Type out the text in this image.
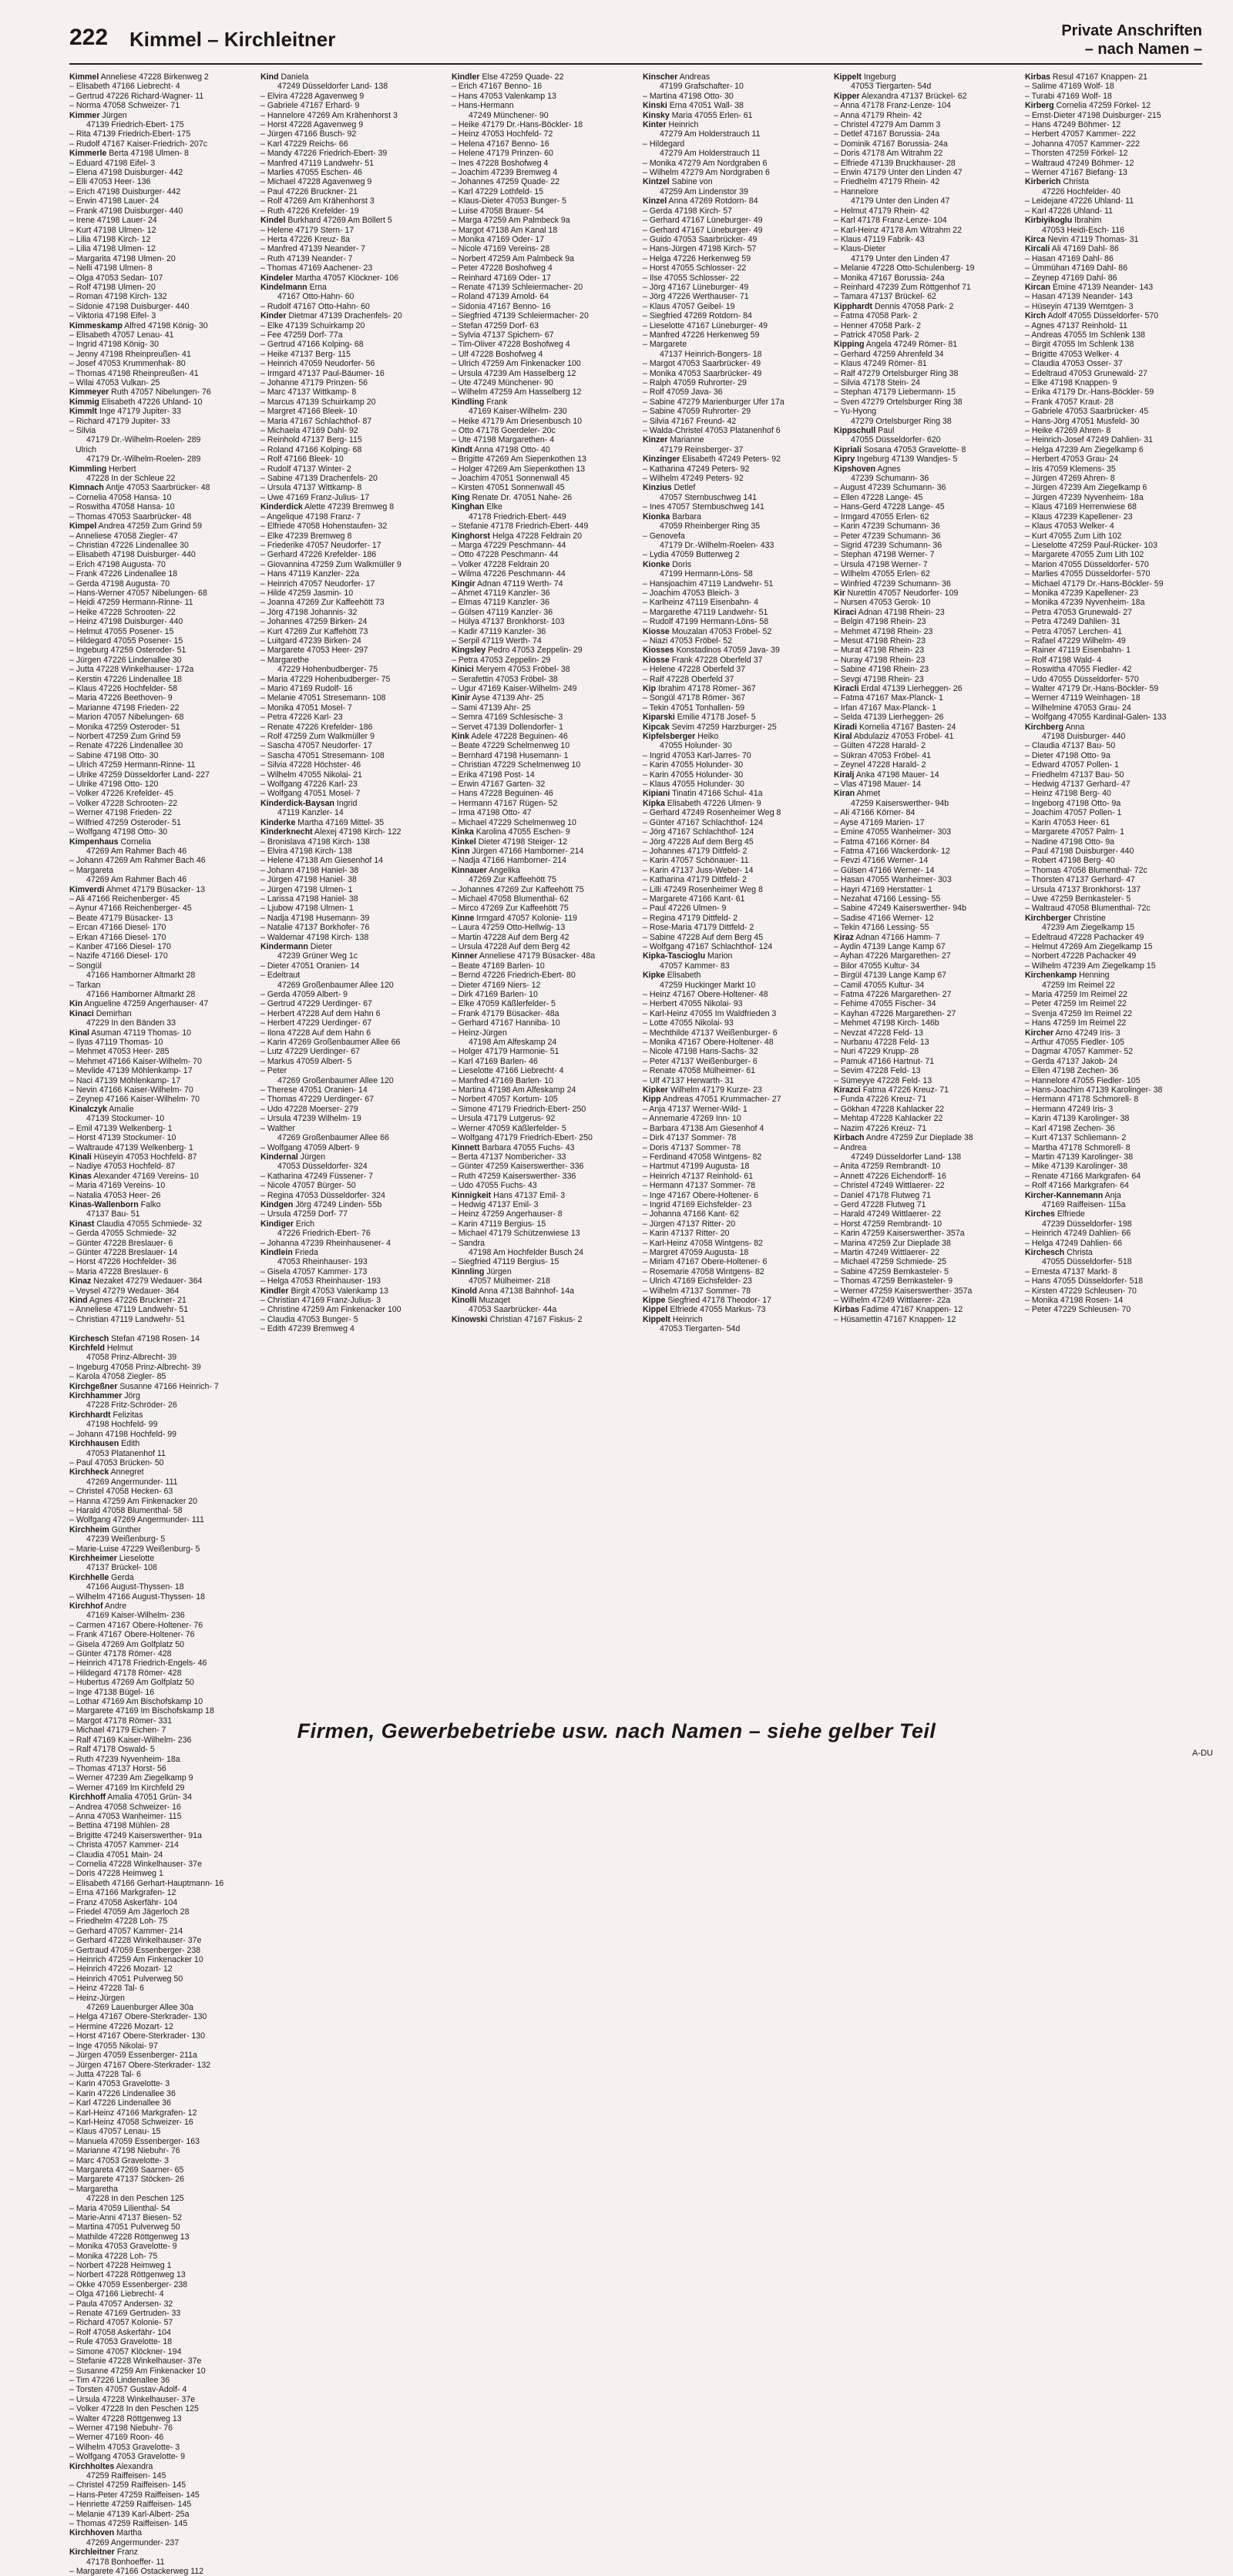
222 Kimmel – Kirchleitner	Private Anschriften
– nach Namen –
Kimmel Anneliese 47228 Birkenweg 2
– Elisabeth 47166 Liebrecht- 4
– Gertrud 47226 Richard-Wagner- 11
– Norma 47058 Schweizer- 71
Kimmer Jürgen
47139 Friedrich-Ebert- 175
– Rita 47139 Friedrich-Ebert- 175
– Rudolf 47167 Kaiser-Friedrich- 207c
Kimmerle Berta 47198 Ulmen- 8
– Eduard 47198 Eifel- 3
– Elena 47198 Duisburger- 442
– Elli 47053 Heer- 136
– Erich 47198 Duisburger- 442
– Erwin 47198 Lauer- 24
– Frank 47198 Duisburger- 440
– Irene 47198 Lauer- 24
– Kurt 47198 Ulmen- 12
– Lilia 47198 Kirch- 12
– Lilia 47198 Ulmen- 12
– Margarita 47198 Ulmen- 20
– Nelli 47198 Ulmen- 8
– Olga 47053 Sedan- 107
– Rolf 47198 Ulmen- 20
– Roman 47198 Kirch- 132
– Sidonie 47198 Duisburger- 440
– Viktoria 47198 Eifel- 3
Kimmeskamp Alfred 47198 König- 30
– Elisabeth 47057 Lenau- 41
– Ingrid 47198 König- 30
– Jenny 47198 Rheinpreußen- 41
– Josef 47053 Krummenhak- 80
– Thomas 47198 Rheinpreußen- 41
– Wilai 47053 Vulkan- 25
Kimmeyer Ruth 47057 Nibelungen- 76
Kimmig Elisabeth 47226 Uhland- 10
Kimmlt Inge 47179 Jupiter- 33
– Richard 47179 Jupiter- 33
– Silvia
47179 Dr.-Wilhelm-Roelen- 289
Ulrich
47179 Dr.-Wilhelm-Roelen- 289
Kimmling Herbert
47228 In der Schleue 22
Kimnach Antje 47053 Saarbrücker- 48
– Cornelia 47058 Hansa- 10
– Roswitha 47058 Hansa- 10
– Thomas 47053 Saarbrücker- 48
Kimpel Andrea 47259 Zum Grind 59
– Anneliese 47058 Ziegler- 47
– Christian 47226 Lindenallee 30
– Elisabeth 47198 Duisburger- 440
– Erich 47198 Augusta- 70
– Frank 47226 Lindenallee 18
– Gerda 47198 Augusta- 70
– Hans-Werner 47057 Nibelungen- 68
– Heidi 47259 Hermann-Rinne- 11
– Heike 47228 Schrooten- 22
– Heinz 47198 Duisburger- 440
– Helmut 47055 Posener- 15
– Hildegard 47055 Posener- 15
– Ingeburg 47259 Osteroder- 51
– Jürgen 47226 Lindenallee 30
– Jutta 47228 Winkelhauser- 172a
– Kerstin 47226 Lindenallee 18
– Klaus 47226 Hochfelder- 58
– Maria 47226 Beethoven- 9
– Marianne 47198 Frieden- 22
– Marion 47057 Nibelungen- 68
– Monika 47259 Osteroder- 51
– Norbert 47259 Zum Grind 59
– Renate 47226 Lindenallee 30
– Sabine 47198 Otto- 30
– Ulrich 47259 Hermann-Rinne- 11
– Ulrike 47259 Düsseldorfer Land- 227
– Ulrike 47198 Otto- 120
– Volker 47226 Krefelder- 45
– Volker 47228 Schrooten- 22
– Werner 47198 Frieden- 22
– Wilfried 47259 Osteroder- 51
– Wolfgang 47198 Otto- 30
Kimpenhaus Cornelia
47269 Am Rahmer Bach 46
– Johann 47269 Am Rahmer Bach 46
– Margareta
47269 Am Rahmer Bach 46
Kimverdi Ahmet 47179 Büsacker- 13
– Ali 47166 Reichenberger- 45
– Aynur 47166 Reichenberger- 45
– Beate 47179 Büsacker- 13
– Ercan 47166 Diesel- 170
– Erkan 47166 Diesel- 170
– Kanber 47166 Diesel- 170
– Nazife 47166 Diesel- 170
– Songül
47166 Hamborner Altmarkt 28
– Tarkan
47166 Hamborner Altmarkt 28
Kin Angueline 47259 Angerhauser- 47
Kinaci Demirhan
47229 In den Bänden 33
Kinal Asuman 47119 Thomas- 10
– Ilyas 47119 Thomas- 10
– Mehmet 47053 Heer- 285
– Mehmet 47166 Kaiser-Wilhelm- 70
– Mevlide 47139 Möhlenkamp- 17
– Naci 47139 Möhlenkamp- 17
– Nevin 47166 Kaiser-Wilhelm- 70
– Zeynep 47166 Kaiser-Wilhelm- 70
Kinalczyk Amalie
47139 Stockumer- 10
– Emil 47139 Welkenberg- 1
– Horst 47139 Stockumer- 10
– Waltraude 47139 Welkenberg- 1
Kinali Hüseyin 47053 Hochfeld- 87
– Nadiye 47053 Hochfeld- 87
Kinas Alexander 47169 Vereins- 10
– Maria 47169 Vereins- 10
– Natalia 47053 Heer- 26
Kinas-Wallenborn Falko
47137 Bau- 51
Kinast Claudia 47055 Schmiede- 32
– Gerda 47055 Schmiede- 32
– Günter 47228 Breslauer- 6
– Günter 47228 Breslauer- 14
– Horst 47226 Hochfelder- 36
– Maria 47228 Breslauer- 6
Kinaz Nezaket 47279 Wedauer- 364
– Veysel 47279 Wedauer- 364
Kind Agnes 47226 Bruckner- 21
– Anneliese 47119 Landwehr- 51
– Christian 47119 Landwehr- 51
Kind Daniela
47249 Düsseldorfer Land- 138
– Elvira 47228 Agavenweg 9
– Gabriele 47167 Erhard- 9
– Hannelore 47269 Am Krähenhorst 3
– Horst 47228 Agavenweg 9
– Jürgen 47166 Busch- 92
– Karl 47229 Reichs- 66
– Mandy 47226 Friedrich-Ebert- 39
– Manfred 47119 Landwehr- 51
– Marlies 47055 Eschen- 46
– Michael 47228 Agavenweg 9
– Paul 47226 Bruckner- 21
– Rolf 47269 Am Krähenhorst 3
– Ruth 47226 Krefelder- 19
Kindel Burkhard 47269 Am Böllert 5
– Helene 47179 Stern- 17
– Herta 47226 Kreuz- 8a
– Manfred 47139 Neander- 7
– Ruth 47139 Neander- 7
– Thomas 47169 Aachener- 23
Kindeler Martha 47057 Klöckner- 106
Kindelmann Erna
47167 Otto-Hahn- 60
– Rudolf 47167 Otto-Hahn- 60
Kinder Dietmar 47139 Drachenfels- 20
– Elke 47139 Schuirkamp 20
– Fee 47259 Dorf- 77a
– Gertrud 47166 Kolping- 68
– Heike 47137 Berg- 115
– Heinrich 47059 Neudorfer- 56
– Irmgard 47137 Paul-Bäumer- 16
– Johanne 47179 Prinzen- 56
– Marc 47137 Wittkamp- 8
– Marcus 47139 Schuirkamp 20
– Margret 47166 Bleek- 10
– Maria 47167 Schlachthof- 87
– Michaela 47169 Dahl- 92
– Reinhold 47137 Berg- 115
– Roland 47166 Kolping- 68
– Rolf 47166 Bleek- 10
– Rudolf 47137 Winter- 2
– Sabine 47139 Drachenfels- 20
– Ursula 47137 Wittkamp- 8
– Uwe 47169 Franz-Julius- 17
Kinderdick Alette 47239 Bremweg 8
– Angelique 47198 Franz- 7
– Elfriede 47058 Hohenstaufen- 32
– Elke 47239 Bremweg 8
– Friederike 47057 Neudorfer- 17
– Gerhard 47226 Krefelder- 186
– Giovannina 47259 Zum Walkmüller 9
– Hans 47119 Kanzler- 22a
– Heinrich 47057 Neudorfer- 17
– Hilde 47259 Jasmin- 10
– Joanna 47269 Zur Kaffeehött 73
– Jörg 47198 Johannis- 32
– Johannes 47259 Birken- 24
– Kurt 47269 Zur Kaffehött 73
– Luitgard 47239 Birken- 24
– Margarete 47053 Heer- 297
– Margarethe
47229 Hohenbudberger- 75
– Maria 47229 Hohenbudberger- 75
– Mario 47169 Rudolf- 16
– Melanie 47051 Stresemann- 108
– Monika 47051 Mosel- 7
– Petra 47226 Karl- 23
– Renate 47226 Krefelder- 186
– Rolf 47259 Zum Walkmüller 9
– Sascha 47057 Neudorfer- 17
– Sascha 47051 Stresemann- 108
– Silvia 47228 Höchster- 46
– Wilhelm 47055 Nikolai- 21
– Wolfgang 47226 Karl- 23
– Wolfgang 47051 Mosel- 7
Kinderdick-Baysan Ingrid
47119 Kanzler- 14
Kinderke Martha 47169 Mittel- 35
Kinderknecht Alexej 47198 Kirch- 122
– Bronislava 47198 Kirch- 138
– Elvira 47198 Kirch- 138
– Helene 47138 Am Giesenhof 14
– Johann 47198 Haniel- 38
– Jürgen 47198 Haniel- 38
– Jürgen 47198 Ulmen- 1
– Larissa 47198 Haniel- 38
– Ljubow 47198 Ulmen- 1
– Nadja 47198 Husemann- 39
– Natalie 47137 Borkhofer- 76
– Waldemar 47198 Kirch- 138
Kindermann Dieter
47239 Grüner Weg 1c
– Dieter 47051 Oranien- 14
– Edeltraut
47269 Großenbaumer Allee 120
– Gerda 47059 Albert- 9
– Gertrud 47229 Uerdinger- 67
– Herbert 47228 Auf dem Hahn 6
– Herbert 47229 Uerdinger- 67
– Ilona 47228 Auf dem Hahn 6
– Karin 47269 Großenbaumer Allee 66
– Lutz 47229 Uerdinger- 67
– Markus 47059 Albert- 5
– Peter
47269 Großenbaumer Allee 120
– Therese 47051 Oranien- 14
– Thomas 47229 Uerdinger- 67
– Udo 47228 Moerser- 279
– Ursula 47239 Wilhelm- 19
– Walther
47269 Großenbaumer Allee 66
– Wolfgang 47059 Albert- 9
Kindernal Jürgen
47053 Düsseldorfer- 324
– Katharina 47249 Füssener- 7
– Nicole 47057 Bürger- 50
– Regina 47053 Düsseldorfer- 324
Kindgen Jörg 47249 Linden- 55b
– Ursula 47259 Dorf- 77
Kindiger Erich
47226 Friedrich-Ebert- 76
– Johanna 47239 Rheinhausener- 4
Kindlein Frieda
47053 Rheinhauser- 193
– Gisela 47057 Kammer- 173
– Helga 47053 Rheinhauser- 193
Kindler Birgit 47053 Valenkamp 13
– Christian 47169 Franz-Julius- 3
– Christine 47259 Am Finkenacker 100
– Claudia 47053 Bunger- 5
– Edith 47239 Bremweg 4
Kindler Else 47259 Quade- 22
– Erich 47167 Benno- 16
– Hans 47053 Valenkamp 13
– Hans-Hermann
47249 Münchener- 90
– Heike 47179 Dr.-Hans-Böckler- 18
– Heinz 47053 Hochfeld- 72
– Helena 47167 Benno- 16
– Helene 47179 Prinzen- 60
– Ines 47228 Boshofweg 4
– Joachim 47239 Bremweg 4
– Johannes 47259 Quade- 22
– Karl 47229 Lothfeld- 15
– Klaus-Dieter 47053 Bunger- 5
– Luise 47058 Brauer- 54
– Marga 47259 Am Palmbeck 9a
– Margot 47138 Am Kanal 18
– Monika 47169 Oder- 17
– Nicole 47169 Vereins- 28
– Norbert 47259 Am Palmbeck 9a
– Peter 47228 Boshofweg 4
– Reinhard 47169 Oder- 17
– Renate 47139 Schleiermacher- 20
– Roland 47139 Arnold- 64
– Sidonia 47167 Benno- 16
– Siegfried 47139 Schleiermacher- 20
– Stefan 47259 Dorf- 63
– Sylvia 47137 Spichern- 67
– Tim-Oliver 47228 Boshofweg 4
– Ulf 47228 Boshofweg 4
– Ulrich 47259 Am Finkenacker 100
– Ursula 47239 Am Hasselberg 12
– Ute 47249 Münchener- 90
– Wilhelm 47259 Am Hasselberg 12
Kindling Frank
47169 Kaiser-Wilhelm- 230
– Heike 47179 Am Driesenbusch 10
– Otto 47178 Goerdeler- 20c
– Ute 47198 Margarethen- 4
Kindt Anna 47198 Otto- 40
– Brigitte 47269 Am Siepenkothen 13
– Holger 47269 Am Siepenkothen 13
– Joachim 47051 Sonnenwall 45
– Kirsten 47051 Sonnenwall 45
King Renate Dr. 47051 Nahe- 26
Kinghan Elke
47178 Friedrich-Ebert- 449
– Stefanie 47178 Friedrich-Ebert- 449
Kinghorst Helga 47228 Feldrain 20
– Marga 47229 Peschmann- 44
– Otto 47228 Peschmann- 44
– Volker 47228 Feldrain 20
– Wilma 47226 Peschmann- 44
Kingir Adnan 47119 Werth- 74
– Ahmet 47119 Kanzler- 36
– Elmas 47119 Kanzler- 36
– Gülsen 47119 Kanzler- 36
– Hülya 47137 Bronkhorst- 103
– Kadir 47119 Kanzler- 36
– Serpil 47119 Werth- 74
Kingsley Pedro 47053 Zeppelin- 29
– Petra 47053 Zeppelin- 29
Kinici Meryem 47053 Fröbel- 38
– Serafettin 47053 Fröbel- 38
– Ugur 47169 Kaiser-Wilhelm- 249
Kinir Ayse 47139 Ahr- 25
– Sami 47139 Ahr- 25
– Semra 47169 Schlesische- 3
– Servet 47139 Dollendorfer- 1
Kink Adele 47228 Beguinen- 46
– Beate 47229 Schelmenweg 10
– Bernhard 47198 Husemann- 1
– Christian 47229 Schelmenweg 10
– Erika 47198 Post- 14
– Erwin 47167 Garten- 32
– Hans 47228 Beguinen- 46
– Hermann 47167 Rügen- 52
– Irma 47198 Otto- 47
– Michael 47229 Schelmenweg 10
Kinka Karolina 47055 Eschen- 9
Kinkel Dieter 47198 Steiger- 12
Kinn Jürgen 47166 Hamborner- 214
– Nadja 47166 Hamborner- 214
Kinnauer Angelika
47269 Zur Kaffeehött 75
– Johannes 47269 Zur Kaffeehött 75
– Michael 47058 Blumenthal- 62
– Mirco 47269 Zur Kaffeehött 75
Kinne Irmgard 47057 Kolonie- 119
– Laura 47259 Otto-Hellwig- 13
– Martin 47228 Auf dem Berg 42
– Ursula 47228 Auf dem Berg 42
Kinner Anneliese 47179 Büsacker- 48a
– Beate 47169 Barlen- 10
– Bernd 47226 Friedrich-Ebert- 80
– Dieter 47169 Niers- 12
– Dirk 47169 Barlen- 10
– Elke 47059 Käßlerfelder- 5
– Frank 47179 Büsacker- 48a
– Gerhard 47167 Hanniba- 10
– Heinz-Jürgen
47198 Am Alfeskamp 24
– Holger 47179 Harmonie- 51
– Karl 47169 Barlen- 46
– Lieselotte 47166 Liebrecht- 4
– Manfred 47169 Barlen- 10
– Martina 47198 Am Alfeskamp 24
– Norbert 47057 Kortum- 105
– Simone 47179 Friedrich-Ebert- 250
– Ursula 47179 Lutgerus- 92
– Werner 47059 Käßlerfelder- 5
– Wolfgang 47179 Friedrich-Ebert- 250
Kinnett Barbara 47055 Fuchs- 43
– Berta 47137 Nombericher- 33
– Günter 47259 Kaiserswerther- 336
– Ruth 47259 Kaiserswerther- 336
– Udo 47055 Fuchs- 43
Kinnigkeit Hans 47137 Emil- 3
– Hedwig 47137 Emil- 3
– Heinz 47259 Angerhauser- 8
– Karin 47119 Bergius- 15
– Michael 47179 Schützenwiese 13
– Sandra
47198 Am Hochfelder Busch 24
– Siegfried 47119 Bergius- 15
Kinnling Jürgen
47057 Mülheimer- 218
Kinold Anna 47138 Bahnhof- 14a
Kinolli Muzaqet
47053 Saarbrücker- 44a
Kinowski Christian 47167 Fiskus- 2
Kinscher Andreas
47199 Grafschafter- 10
– Martina 47198 Otto- 30
Kinski Erna 47051 Wall- 38
Kinsky Maria 47055 Erlen- 61
Kinter Heinrich
47279 Am Holderstrauch 11
– Hildegard
47279 Am Holderstrauch 11
– Monika 47279 Am Nordgraben 6
– Wilhelm 47279 Am Nordgraben 6
Kintzel Sabine von
47259 Am Lindenstor 39
Kinzel Anna 47269 Rotdorn- 84
– Gerda 47198 Kirch- 57
– Gerhard 47167 Lüneburger- 49
– Gerhard 47167 Lüneburger- 49
– Guido 47053 Saarbrücker- 49
– Hans-Jürgen 47198 Kirch- 57
– Helga 47226 Herkenweg 59
– Horst 47055 Schlosser- 22
– Ilse 47055 Schlosser- 22
– Jörg 47167 Lüneburger- 49
– Jörg 47226 Werthauser- 71
– Klaus 47057 Geibel- 19
– Siegfried 47269 Rotdorn- 84
– Lieselotte 47167 Lüneburger- 49
– Manfred 47226 Herkenweg 59
– Margarete
47137 Heinrich-Bongers- 18
– Margot 47053 Saarbrücker- 49
– Monika 47053 Saarbrücker- 49
– Ralph 47059 Ruhrorter- 29
– Rolf 47059 Java- 36
– Sabine 47279 Marienburger Ufer 17a
– Sabine 47059 Ruhrorter- 29
– Silvia 47167 Freund- 42
– Walda-Christel 47053 Platanenhof 6
Kinzer Marianne
47179 Reinsberger- 37
Kinzinger Elisabeth 47249 Peters- 92
– Katharina 47249 Peters- 92
– Wilhelm 47249 Peters- 92
Kinzius Detlef
47057 Sternbuschweg 141
– Ines 47057 Sternbuschweg 141
Kionka Barbara
47059 Rheinberger Ring 35
– Genovefa
47179 Dr.-Wilhelm-Roelen- 433
– Lydia 47059 Butterweg 2
Kionke Doris
47199 Hermann-Löns- 58
– Hansjoachim 47119 Landwehr- 51
– Joachim 47053 Bleich- 3
– Karlheinz 47119 Eisenbahn- 4
– Margarethe 47119 Landwehr- 51
– Rudolf 47199 Hermann-Löns- 58
Kiosse Mouzalan 47053 Fröbel- 52
– Niazi 47053 Fröbel- 52
Kiosses Konstadinos 47059 Java- 39
Kiosse Frank 47228 Oberfeld 37
– Helene 47228 Oberfeld 37
– Ralf 47228 Oberfeld 37
Kip Ibrahim 47178 Römer- 367
– Songül 47178 Römer- 367
– Tekin 47051 Tonhallen- 59
Kiparski Emilie 47178 Josef- 5
Kipcak Sevim 47259 Harzburger- 25
Kipfelsberger Heiko
47055 Holunder- 30
– Ingrid 47053 Karl-Jarres- 70
– Karin 47055 Holunder- 30
– Karin 47055 Holunder- 30
– Klaus 47055 Holunder- 30
Kipiani Tinatin 47166 Schul- 41a
Kipka Elisabeth 47226 Ulmen- 9
– Gerhard 47249 Rosenheimer Weg 8
– Günter 47167 Schlachthof- 124
– Jörg 47167 Schlachthof- 124
– Jörg 47228 Auf dem Berg 45
– Johannes 47179 Dittfeld- 2
– Karin 47057 Schönauer- 11
– Karin 47137 Juss-Weber- 14
– Katharina 47179 Dittfeld- 2
– Lilli 47249 Rosenheimer Weg 8
– Margarete 47166 Kant- 61
– Paul 47226 Ulmen- 9
– Regina 47179 Dittfeld- 2
– Rose-Maria 47179 Dittfeld- 2
– Sabine 47228 Auf dem Berg 45
– Wolfgang 47167 Schlachthof- 124
Kipka-Tascioglu Marion
47057 Kammer- 83
Kipke Elisabeth
47259 Huckinger Markt 10
– Heinz 47167 Obere-Holtener- 48
– Herbert 47055 Nikolai- 93
– Karl-Heinz 47055 Im Waldfrieden 3
– Lotte 47055 Nikolai- 93
– Mechthilde 47137 Weißenburger- 6
– Monika 47167 Obere-Holtener- 48
– Nicole 47198 Hans-Sachs- 32
– Peter 47137 Weißenburger- 6
– Renate 47058 Mülheimer- 61
– Ulf 47137 Herwarth- 31
Kipker Wilhelm 47179 Kurze- 23
Kipp Andreas 47051 Krummacher- 27
– Anja 47137 Werner-Wild- 1
– Annemarie 47269 Inn- 10
– Barbara 47138 Am Giesenhof 4
– Dirk 47137 Sommer- 78
– Doris 47137 Sommer- 78
– Ferdinand 47058 Wintgens- 82
– Hartmut 47199 Augusta- 18
– Heinrich 47137 Reinhold- 61
– Hermann 47137 Sommer- 78
– Inge 47167 Obere-Holtener- 6
– Ingrid 47169 Eichsfelder- 23
– Johanna 47166 Kant- 62
– Jürgen 47137 Ritter- 20
– Karin 47137 Ritter- 20
– Karl-Heinz 47058 Wintgens- 82
– Margret 47059 Augusta- 18
– Miriam 47167 Obere-Holtener- 6
– Rosemarie 47058 Wintgens- 82
– Ulrich 47169 Eichsfelder- 23
– Wilhelm 47137 Sommer- 78
Kippe Siegfried 47178 Theodor- 17
Kippel Elfriede 47055 Markus- 73
Kippelt Heinrich
47053 Tiergarten- 54d
Kippelt Ingeburg
47053 Tiergarten- 54d
Kipper Alexandra 47137 Brückel- 62
– Anna 47178 Franz-Lenze- 104
– Anna 47179 Rhein- 42
– Christel 47279 Am Damm 3
– Detlef 47167 Borussia- 24a
– Dominik 47167 Borussia- 24a
– Doris 47178 Am Witrahm 22
– Elfriede 47139 Bruckhauser- 28
– Erwin 47179 Unter den Linden 47
– Friedhelm 47179 Rhein- 42
– Hannelore
47179 Unter den Linden 47
– Helmut 47179 Rhein- 42
– Karl 47178 Franz-Lenze- 104
– Karl-Heinz 47178 Am Witrahm 22
– Klaus 47119 Fabrik- 43
– Klaus-Dieter
47179 Unter den Linden 47
– Melanie 47228 Otto-Schulenberg- 19
– Monika 47167 Borussia- 24a
– Reinhard 47239 Zum Röttgenhof 71
– Tamara 47137 Brückel- 62
Kipphardt Dennis 47058 Park- 2
– Fatma 47058 Park- 2
– Henner 47058 Park- 2
– Patrick 47058 Park- 2
Kipping Angela 47249 Römer- 81
– Gerhard 47259 Ahrenfeld 34
– Klaus 47249 Römer- 81
– Ralf 47279 Ortelsburger Ring 38
– Silvia 47178 Stein- 24
– Stephan 47179 Liebermann- 15
– Sven 47279 Ortelsburger Ring 38
– Yu-Hyong
47279 Ortelsburger Ring 38
Kippschull Paul
47055 Düsseldorfer- 620
Kipriali Sosana 47053 Gravelotte- 8
Kipry Ingeburg 47139 Wandjes- 5
Kipshoven Agnes
47239 Schumann- 36
– August 47239 Schumann- 36
– Ellen 47228 Lange- 45
– Hans-Gerd 47228 Lange- 45
– Irmgard 47055 Erlen- 62
– Karin 47239 Schumann- 36
– Peter 47239 Schumann- 36
– Sigrid 47239 Schumann- 36
– Stephan 47198 Werner- 7
– Ursula 47198 Werner- 7
– Wilhelm 47055 Erlen- 62
– Winfried 47239 Schumann- 36
Kir Nurettin 47057 Neudorfer- 109
– Nursen 47053 Gerok- 10
Kiraci Adnan 47198 Rhein- 23
– Belgin 47198 Rhein- 23
– Mehmet 47198 Rhein- 23
– Mesut 47198 Rhein- 23
– Murat 47198 Rhein- 23
– Nuray 47198 Rhein- 23
– Sabine 47198 Rhein- 23
– Sevgi 47198 Rhein- 23
Kiracli Erdal 47139 Lierheggen- 26
– Fatma 47167 Max-Planck- 1
– Irfan 47167 Max-Planck- 1
– Selda 47139 Lierheggen- 26
Kiradi Kornelia 47167 Basten- 24
Kiral Abdulaziz 47053 Fröbel- 41
– Gülten 47228 Harald- 2
– Sükran 47053 Fröbel- 41
– Zeynel 47228 Harald- 2
Kiralj Anka 47198 Mauer- 14
– Vlas 47198 Mauer- 14
Kiran Ahmet
47259 Kaiserswerther- 94b
– Ali 47166 Körner- 84
– Ayse 47169 Marien- 17
– Emine 47055 Wanheimer- 303
– Fatma 47166 Körner- 84
– Fatma 47166 Wackerdonk- 12
– Fevzi 47166 Werner- 14
– Gülsen 47166 Werner- 14
– Hasan 47055 Wanheimer- 303
– Hayri 47169 Herstatter- 1
– Nezahat 47166 Lessing- 55
– Sabine 47249 Kaiserswerther- 94b
– Sadise 47166 Werner- 12
– Tekin 47166 Lessing- 55
Kiraz Adnan 47166 Hamm- 7
– Aydin 47139 Lange Kamp 67
– Ayhan 47226 Margarethen- 27
– Bilor 47055 Kultur- 34
– Birgül 47139 Lange Kamp 67
– Camil 47055 Kultur- 34
– Fatma 47226 Margarethen- 27
– Fehime 47055 Fischer- 34
– Kayhan 47226 Margarethen- 27
– Mehmet 47198 Kirch- 146b
– Nevzat 47228 Feld- 13
– Nurbanu 47228 Feld- 13
– Nuri 47229 Krupp- 28
– Pamuk 47166 Hartnut- 71
– Sevim 47228 Feld- 13
– Sümeyye 47228 Feld- 13
Kirazci Fatma 47226 Kreuz- 71
– Funda 47226 Kreuz- 71
– Gökhan 47228 Kahlacker 22
– Mehtap 47228 Kahlacker 22
– Nazim 47226 Kreuz- 71
Kirbach Andre 47259 Zur Diepladе 38
– Andrea
47249 Düsseldorfer Land- 138
– Anita 47259 Rembrandt- 10
– Annett 47226 Eichendorff- 16
– Christel 47249 Wittlaerer- 22
– Daniel 47178 Flutweg 71
– Gerd 47228 Flutweg 71
– Harald 47249 Wittlaerer- 22
– Horst 47259 Rembrandt- 10
– Karin 47259 Kaiserswerther- 357a
– Marina 47259 Zur Diepladе 38
– Martin 47249 Wittlaerer- 22
– Michael 47259 Schmiede- 25
– Sabine 47259 Bernkasteler- 5
– Thomas 47259 Bernkasteler- 9
– Werner 47259 Kaiserswerther- 357a
– Wilhelm 47249 Wittlaerer- 22a
Kirbas Fadime 47167 Knappen- 12
– Hüsamettin 47167 Knappen- 12
Kirbas Resul 47167 Knappen- 21
– Salime 47169 Wolf- 18
– Turabi 47169 Wolf- 18
Kirberg Cornelia 47259 Förkel- 12
– Ernst-Dieter 47198 Duisburger- 215
– Hans 47249 Böhmer- 12
– Herbert 47057 Kammer- 222
– Johanna 47057 Kammer- 222
– Thorsten 47259 Förkel- 12
– Waltraud 47249 Böhmer- 12
– Werner 47167 Biefang- 13
Kirberich Christa
47226 Hochfelder- 40
– Leidejane 47226 Uhland- 11
– Karl 47226 Uhland- 11
Kirbiyikoglu Ibrahim
47053 Heidi-Esch- 116
Kirca Nevin 47119 Thomas- 31
Kircali Ali 47169 Dahl- 86
– Hasan 47169 Dahl- 86
– Ümmühan 47169 Dahl- 86
– Zeynep 47169 Dahl- 86
Kircan Emine 47139 Neander- 143
– Hasan 47139 Neander- 143
– Hüseyin 47139 Werntgen- 3
Kirch Adolf 47055 Düsseldorfer- 570
– Agnes 47137 Reinhold- 11
– Andreas 47055 Im Schlenk 138
– Birgit 47055 Im Schlenk 138
– Brigitte 47053 Welker- 4
– Claudia 47053 Osser- 37
– Edeltraud 47053 Grunewald- 27
– Elke 47198 Knappen- 9
– Erika 47179 Dr.-Hans-Böckler- 59
– Frank 47057 Kraut- 28
– Gabriele 47053 Saarbrücker- 45
– Hans-Jörg 47051 Musfeld- 30
– Heike 47269 Ahren- 8
– Heinrich-Josef 47249 Dahlien- 31
– Helga 47239 Am Ziegelkamp 6
– Herbert 47053 Grau- 24
– Iris 47059 Klemens- 35
– Jürgen 47269 Ahren- 8
– Jürgen 47239 Am Ziegelkamp 6
– Jürgen 47239 Nyvenheim- 18a
– Klaus 47169 Herrenwiese 68
– Klaus 47239 Kapellener- 23
– Klaus 47053 Welker- 4
– Kurt 47055 Zum Lith 102
– Lieselotte 47259 Paul-Rücker- 103
– Margarete 47055 Zum Lith 102
– Marion 47055 Düsseldorfer- 570
– Marlies 47055 Düsseldorfer- 570
– Michael 47179 Dr.-Hans-Böckler- 59
– Monika 47239 Kapellener- 23
– Monika 47239 Nyvenheim- 18a
– Petra 47053 Grunewald- 27
– Petra 47249 Dahlien- 31
– Petra 47057 Lerchen- 41
– Rafael 47229 Wilhelm- 49
– Rainer 47119 Eisenbahn- 1
– Rolf 47198 Wald- 4
– Roswitha 47055 Fiedler- 42
– Udo 47055 Düsseldorfer- 570
– Walter 47179 Dr.-Hans-Böckler- 59
– Werner 47119 Weinhagen- 18
– Wilhelmine 47053 Grau- 24
– Wolfgang 47055 Kardinal-Galen- 133
Kirchberg Anna
47198 Duisburger- 440
– Claudia 47137 Bau- 50
– Dieter 47198 Otto- 9a
– Edward 47057 Pollen- 1
– Friedhelm 47137 Bau- 50
– Hedwig 47137 Gerhard- 47
– Heinz 47198 Berg- 40
– Ingeborg 47198 Otto- 9a
– Joachim 47057 Pollen- 1
– Karin 47053 Heer- 61
– Margarete 47057 Palm- 1
– Nadine 47198 Otto- 9a
– Paul 47198 Duisburger- 440
– Robert 47198 Berg- 40
– Thomas 47058 Blumenthal- 72c
– Thorsten 47137 Gerhard- 47
– Ursula 47137 Bronkhorst- 137
– Uwe 47259 Bernkasteler- 5
– Waltraud 47058 Blumenthal- 72c
Kirchberger Christine
47239 Am Ziegelkamp 15
– Edeltraud 47228 Pachacker 49
– Helmut 47269 Am Ziegelkamp 15
– Norbert 47228 Pachacker 49
– Wilhelm 47239 Am Ziegelkamp 15
Kirchenkamp Henning
47259 Im Reimel 22
– Maria 47259 Im Reimel 22
– Peter 47259 Im Reimel 22
– Svenja 47259 Im Reimel 22
– Hans 47259 Im Reimel 22
Kircher Arno 47249 Iris- 3
– Arthur 47055 Fiedler- 105
– Dagmar 47057 Kammer- 52
– Gerda 47137 Jakob- 24
– Ellen 47198 Zechen- 36
– Hannelore 47055 Fiedler- 105
– Hans-Joachim 47139 Karolinger- 38
– Hermann 47178 Schmorell- 8
– Hermann 47249 Iris- 3
– Karin 47139 Karolinger- 38
– Karl 47198 Zechen- 36
– Kurt 47137 Schliemann- 2
– Martha 47178 Schmorell- 8
– Martin 47139 Karolinger- 38
– Mike 47139 Karolinger- 38
– Renate 47166 Markgrafen- 64
– Rolf 47166 Markgrafen- 64
Kircher-Kannemann Anja
47169 Raiffeisen- 115a
Kirches Elfriede
47239 Düsseldorfer- 198
– Heinrich 47249 Dahlien- 66
– Helga 47249 Dahlien- 66
Kirchesch Christa
47055 Düsseldorfer- 518
– Ernesta 47137 Markt- 8
– Hans 47055 Düsseldorfer- 518
– Kirsten 47229 Schleusen- 70
– Monika 47198 Rosen- 14
– Peter 47229 Schleusen- 70
Kirchesch Stefan 47198 Rosen- 14
Kirchfeld Helmut
47058 Prinz-Albrecht- 39
– Ingeburg 47058 Prinz-Albrecht- 39
– Karola 47058 Ziegler- 85
Kirchgeßner Susanne 47166 Heinrich- 7
Kirchhammer Jörg
47228 Fritz-Schröder- 26
Kirchhardt Felizitas
47198 Hochfeld- 99
– Johann 47198 Hochfeld- 99
Kirchhausen Edith
47053 Platanenhof 11
– Paul 47053 Brücken- 50
Kirchheck Annegret
47269 Angermunder- 111
– Christel 47058 Hecken- 63
– Hanna 47259 Am Finkenacker 20
– Harald 47058 Blumenthal- 58
– Wolfgang 47269 Angermunder- 111
Kirchheim Günther
47239 Weißenburg- 5
– Marie-Luise 47229 Weißenburg- 5
Kirchheimer Lieselotte
47137 Brückel- 108
Kirchhelle Gerda
47166 August-Thyssen- 18
– Wilhelm 47166 August-Thyssen- 18
Kirchhof Andre
47169 Kaiser-Wilhelm- 236
– Carmen 47167 Obere-Holtener- 76
– Frank 47167 Obere-Holtener- 76
– Gisela 47269 Am Golfplatz 50
– Günter 47178 Römer- 428
– Heinrich 47178 Friedrich-Engels- 46
– Hildegard 47178 Römer- 428
– Hubertus 47269 Am Golfplatz 50
– Inge 47138 Bügel- 16
– Lothar 47169 Am Bischofskamp 10
– Margarete 47169 Im Bischofskamp 18
– Margot 47178 Römer- 331
– Michael 47179 Eichen- 7
– Ralf 47169 Kaiser-Wilhelm- 236
– Ralf 47178 Oswald- 5
– Ruth 47239 Nyvenheim- 18a
– Thomas 47137 Horst- 56
– Werner 47239 Am Ziegelkamp 9
– Werner 47169 Im Kirchfeld 29
Kirchhoff Amalia 47051 Grün- 34
– Andrea 47058 Schweizer- 16
– Anna 47053 Wanheimer- 115
– Bettina 47198 Mühlen- 28
– Brigitte 47249 Kaiserswerther- 91a
– Christa 47057 Kammer- 214
– Claudia 47051 Main- 24
– Cornelia 47228 Winkelhauser- 37e
– Doris 47228 Heimweg 1
– Elisabeth 47166 Gerhart-Hauptmann- 16
– Erna 47166 Markgrafen- 12
– Franz 47058 Askerfähr- 104
– Friedel 47059 Am Jägerloch 28
– Friedhelm 47228 Loh- 75
– Gerhard 47057 Kammer- 214
– Gerhard 47228 Winkelhauser- 37e
– Gertraud 47059 Essenberger- 238
– Heinrich 47259 Am Finkenacker 10
– Heinrich 47226 Mozart- 12
– Heinrich 47051 Pulverweg 50
– Heinz 47228 Tal- 6
– Heinz-Jürgen
47269 Lauenburger Allee 30a
– Helga 47167 Obere-Sterkrader- 130
– Hermine 47226 Mozart- 12
– Horst 47167 Obere-Sterkrader- 130
– Inge 47055 Nikolai- 97
– Jürgen 47059 Essenberger- 211a
– Jürgen 47167 Obere-Sterkrader- 132
– Jutta 47228 Tal- 6
– Karin 47053 Gravelotte- 3
– Karin 47226 Lindenallee 36
– Karl 47226 Lindenallee 36
– Karl-Heinz 47166 Markgrafen- 12
– Karl-Heinz 47058 Schweizer- 16
– Klaus 47057 Lenau- 15
– Manuela 47059 Essenberger- 163
– Marianne 47198 Niebuhr- 76
– Marc 47053 Gravelotte- 3
– Margareta 47269 Saarner- 65
– Margarete 47137 Stöcken- 26
– Margaretha
47228 In den Peschen 125
– Maria 47059 Lilienthal- 54
– Marie-Anni 47137 Biesen- 52
– Martina 47051 Pulverweg 50
– Mathilde 47228 Röttgenweg 13
– Monika 47053 Gravelotte- 9
– Monika 47228 Loh- 75
– Norbert 47228 Heimweg 1
– Norbert 47228 Röttgenweg 13
– Okke 47059 Essenberger- 238
– Olga 47166 Liebrecht- 4
– Paula 47057 Andersen- 32
– Renate 47169 Gertruden- 33
– Richard 47057 Kolonie- 57
– Rolf 47058 Askerfähr- 104
– Rule 47053 Gravelotte- 18
– Simone 47057 Klöckner- 194
– Stefanie 47228 Winkelhauser- 37e
– Susanne 47259 Am Finkenacker 10
– Tim 47226 Lindenallee 36
– Torsten 47057 Gustav-Adolf- 4
– Ursula 47228 Winkelhauser- 37e
– Volker 47228 In den Peschen 125
– Walter 47228 Röttgenweg 13
– Werner 47198 Niebuhr- 76
– Werner 47169 Roon- 46
– Wilhelm 47053 Gravelotte- 3
– Wolfgang 47053 Gravelotte- 9
Kirchholtes Alexandra
47259 Raiffeisen- 145
– Christel 47259 Raiffeisen- 145
– Hans-Peter 47259 Raiffeisen- 145
– Henriette 47259 Raiffeisen- 145
– Melanie 47139 Karl-Albert- 25a
– Thomas 47259 Raiffeisen- 145
Kirchhoven Martha
47269 Angermunder- 237
Kirchleitner Franz
47178 Bonhoeffer- 11
– Margarete 47166 Ostackerweg 112
Firmen, Gewerbebetriebe usw. nach Namen – siehe gelber Teil
A-DU
